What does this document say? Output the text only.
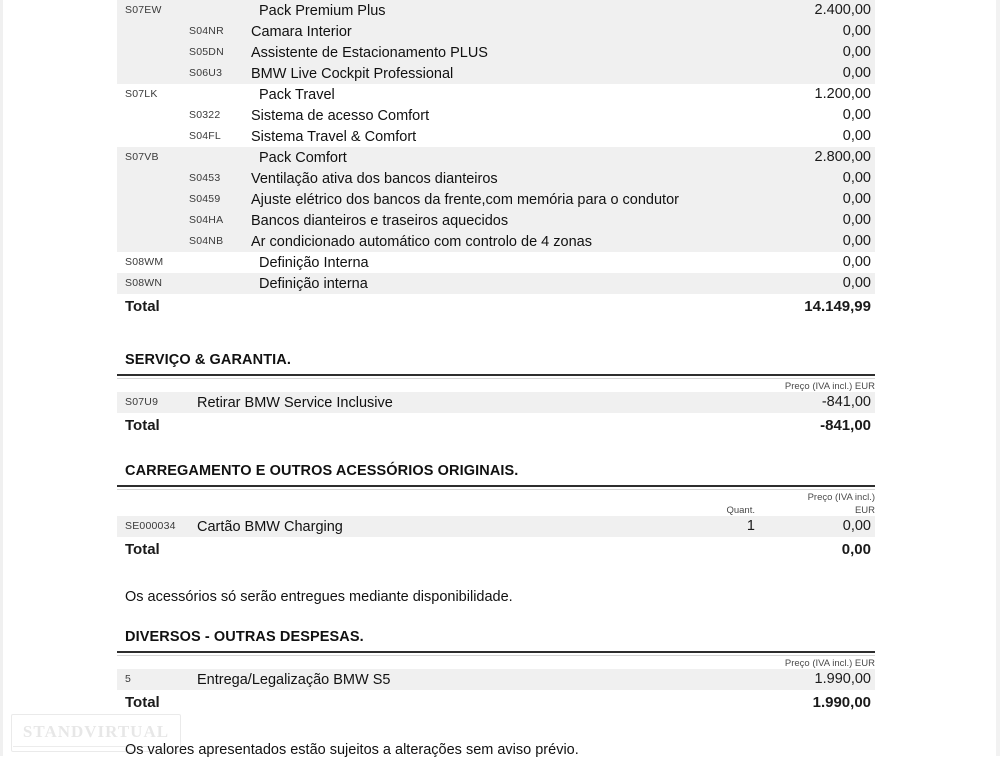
S07EW		Pack Premium Plus	2.400,00
	S04NR	Camara Interior	0,00
	S05DN	Assistente de Estacionamento PLUS	0,00
	S06U3	BMW Live Cockpit Professional	0,00
S07LK		Pack Travel	1.200,00
	S0322	Sistema de acesso Comfort	0,00
	S04FL	Sistema Travel & Comfort	0,00
S07VB		Pack Comfort	2.800,00
	S0453	Ventilação ativa dos bancos dianteiros	0,00
	S0459	Ajuste elétrico dos bancos da frente,com memória para o condutor	0,00
	S04HA	Bancos dianteiros e traseiros aquecidos	0,00
	S04NB	Ar condicionado automático com controlo de 4 zonas	0,00
S08WM		Definição Interna	0,00
S08WN		Definição interna	0,00
Total			14.149,99
SERVIÇO & GARANTIA.
		Preço (IVA incl.) EUR
S07U9	Retirar BMW Service Inclusive	-841,00
Total		-841,00
CARREGAMENTO E OUTROS ACESSÓRIOS ORIGINAIS.
			Preço (IVA incl.)
		Quant.	EUR
SE000034	Cartão BMW Charging	1	0,00
Total			0,00
Os acessórios só serão entregues mediante disponibilidade.
DIVERSOS - OUTRAS DESPESAS.
		Preço (IVA incl.) EUR
5	Entrega/Legalização BMW S5	1.990,00
Total		1.990,00
Os valores apresentados estão sujeitos a alterações sem aviso prévio.
STANDVIRTUAL
